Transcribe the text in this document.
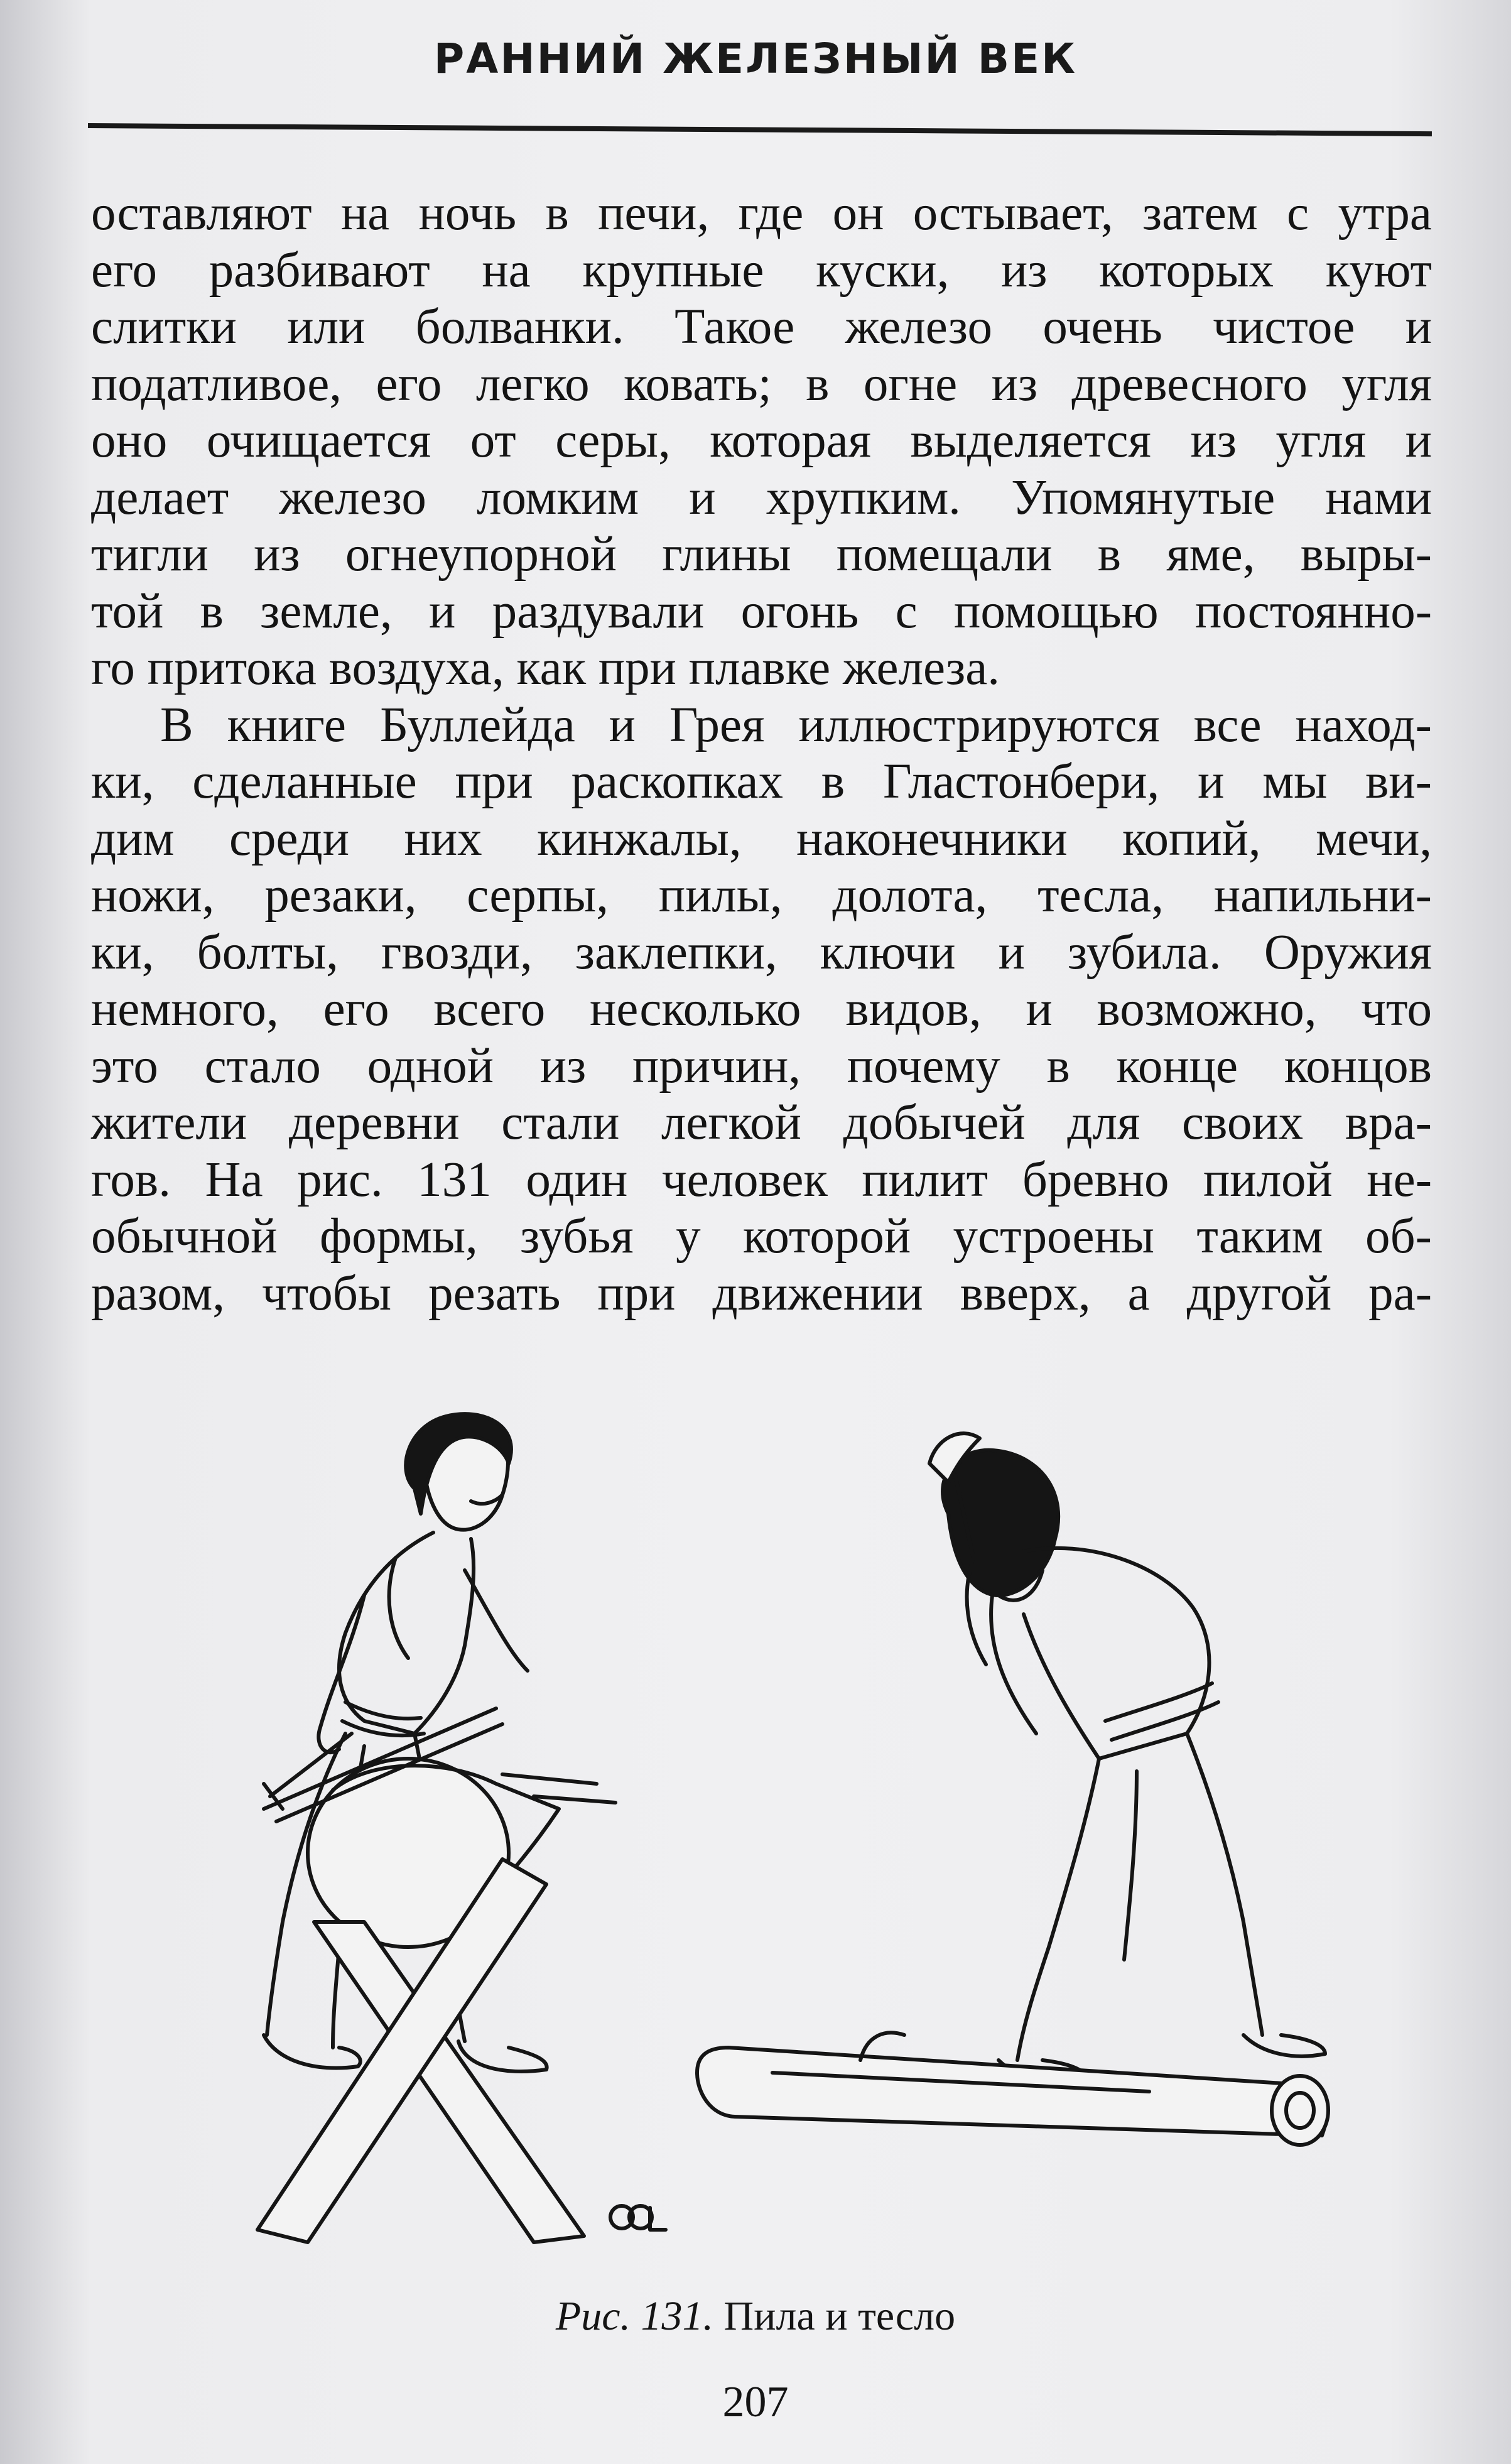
РАННИЙ ЖЕЛЕЗНЫЙ ВЕК

оставляют на ночь в печи, где он остывает, затем с утра

его разбивают на крупные куски, из которых куют

слитки или болванки. Такое железо очень чистое и

податливое, его легко ковать; в огне из древесного угля

оно очищается от серы, которая выделяется из угля и

делает железо ломким и хрупким. Упомянутые нами

тигли из огнеупорной глины помещали в яме, выры-

той в земле, и раздували огонь с помощью постоянно-

го притока воздуха, как при плавке железа.

В книге Буллейда и Грея иллюстрируются все наход-

ки, сделанные при раскопках в Гластонбери, и мы ви-

дим среди них кинжалы, наконечники копий, мечи,

ножи, резаки, серпы, пилы, долота, тесла, напильни-

ки, болты, гвозди, заклепки, ключи и зубила. Оружия

немного, его всего несколько видов, и возможно, что

это стало одной из причин, почему в конце концов

жители деревни стали легкой добычей для своих вра-

гов. На рис. 131 один человек пилит бревно пилой не-

обычной формы, зубья у которой устроены таким об-

разом, чтобы резать при движении вверх, а другой ра-

Рис. 131. Пила и тесло
207
